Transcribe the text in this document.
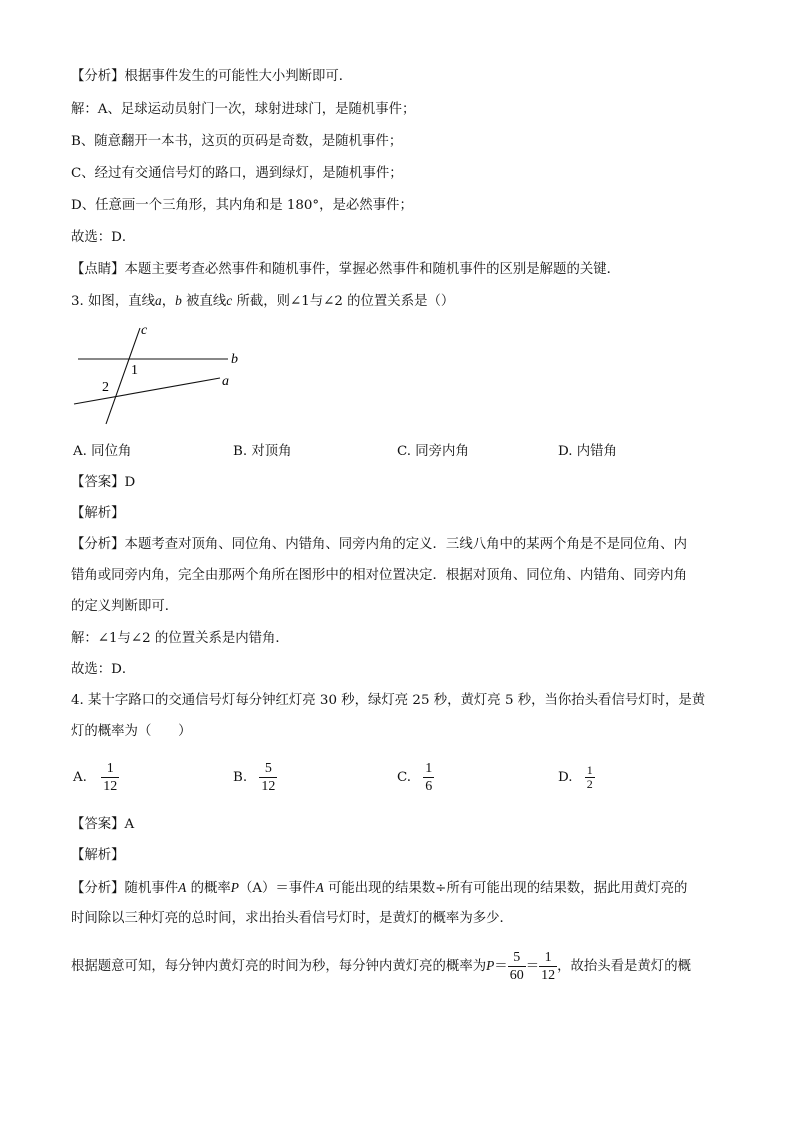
【分析】根据事件发生的可能性大小判断即可．
解：A、足球运动员射门一次，球射进球门，是随机事件；
B、随意翻开一本书，这页的页码是奇数，是随机事件；
C、经过有交通信号灯的路口，遇到绿灯，是随机事件；
D、任意画一个三角形，其内角和是 180°，是必然事件；
故选：D．
【点睛】本题主要考查必然事件和随机事件，掌握必然事件和随机事件的区别是解题的关键．
3. 如图，直线a，b 被直线c 所截，则∠1与∠2 的位置关系是（）
c
b
a
1
2
A. 同位角	B. 对顶角	C. 同旁内角	D. 内错角
【答案】D
【解析】
【分析】本题考查对顶角、同位角、内错角、同旁内角的定义．三线八角中的某两个角是不是同位角、内
错角或同旁内角，完全由那两个角所在图形中的相对位置决定．根据对顶角、同位角、内错角、同旁内角
的定义判断即可．
解：∠1与∠2 的位置关系是内错角．
故选：D．
4. 某十字路口的交通信号灯每分钟红灯亮 30 秒，绿灯亮 25 秒，黄灯亮 5 秒，当你抬头看信号灯时，是黄
灯的概率为（　　）
A. $\frac{1}{12}$	B. $\frac{5}{12}$	C. $\frac{1}{6}$	D. $\frac{1}{2}$
【答案】A
【解析】
【分析】随机事件A 的概率P（A）＝事件A 可能出现的结果数÷所有可能出现的结果数，据此用黄灯亮的
时间除以三种灯亮的总时间，求出抬头看信号灯时，是黄灯的概率为多少．
根据题意可知，每分钟内黄灯亮的时间为秒，每分钟内黄灯亮的概率为$P= \frac{5}{60} = \frac{1}{12}$ ，故抬头看是黄灯的概
